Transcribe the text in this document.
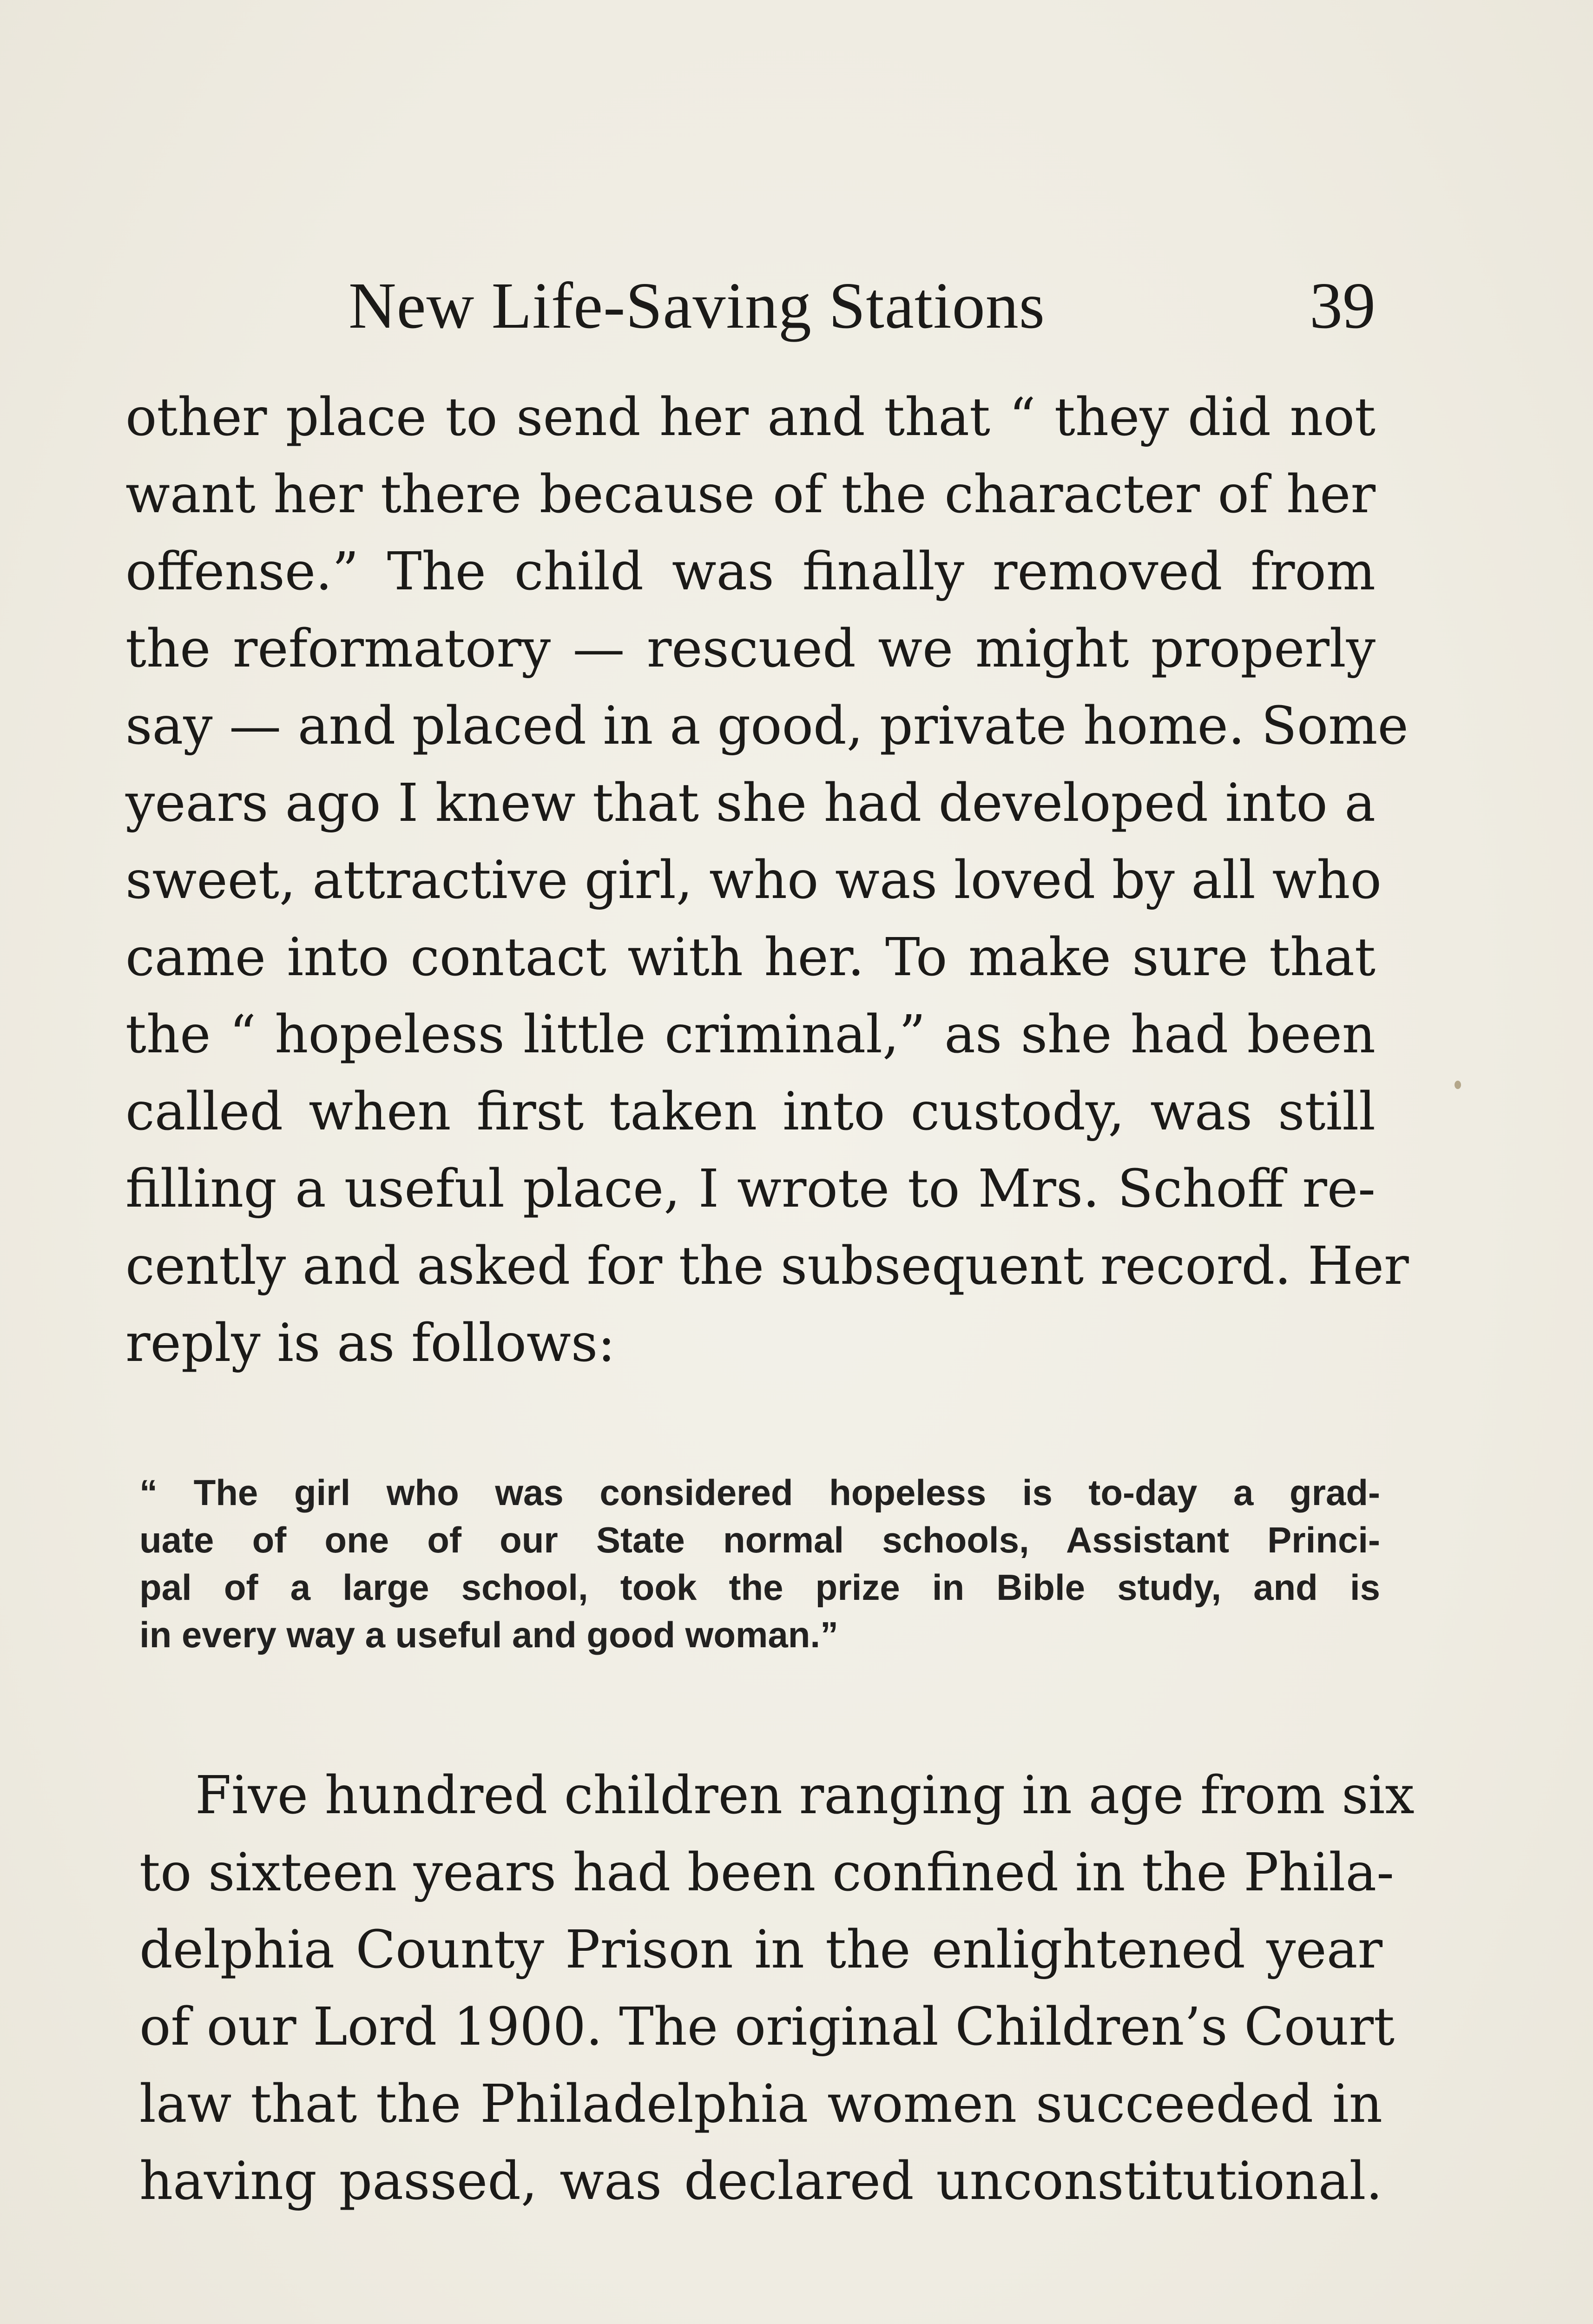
New Life-Saving Stations	39
other place to send her and that “ they did not
want her there because of the character of her
offense.” The child was finally removed from
the reformatory — rescued we might properly
say — and placed in a good, private home. Some
years ago I knew that she had developed into a
sweet, attractive girl, who was loved by all who
came into contact with her. To make sure that
the “ hopeless little criminal,” as she had been
called when first taken into custody, was still
filling a useful place, I wrote to Mrs. Schoff re-
cently and asked for the subsequent record. Her
reply is as follows:
“ The girl who was considered hopeless is to-day a grad-
uate of one of our State normal schools, Assistant Princi-
pal of a large school, took the prize in Bible study, and is
in every way a useful and good woman.”
Five hundred children ranging in age from six
to sixteen years had been confined in the Phila-
delphia County Prison in the enlightened year
of our Lord 1900. The original Children’s Court
law that the Philadelphia women succeeded in
having passed, was declared unconstitutional.
